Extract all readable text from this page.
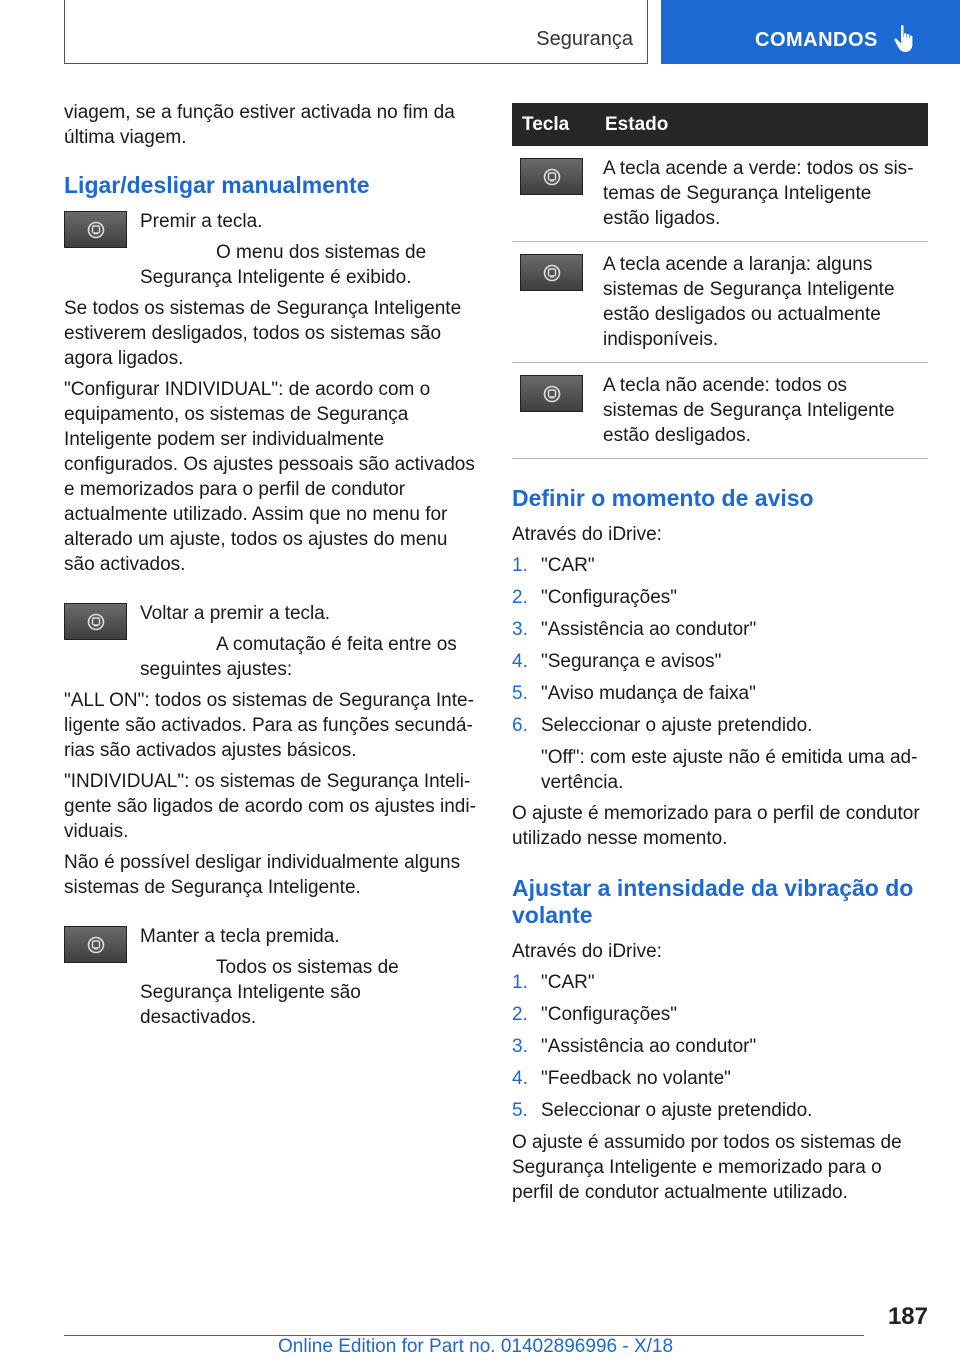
Segurança	COMANDOS

viagem, se a função estiver activada no fim da última viagem.

Ligar/desligar manualmente

Premir a tecla.

O menu dos sistemas de Segurança Inteligente é exibido.

Se todos os sistemas de Segurança Inteligente estiverem desligados, todos os sistemas são agora ligados.

"Configurar INDIVIDUAL": de acordo com o equipamento, os sistemas de Segurança Inteligente podem ser individualmente configurados. Os ajustes pessoais são activados e memorizados para o perfil de condutor actualmente utilizado. Assim que no menu for alterado um ajuste, todos os ajustes do menu são activados.

Voltar a premir a tecla.

A comutação é feita entre os seguintes ajustes:

"ALL ON": todos os sistemas de Segurança Inteligente são activados. Para as funções secundárias são activados ajustes básicos.

"INDIVIDUAL": os sistemas de Segurança Inteligente são ligados de acordo com os ajustes individuais.

Não é possível desligar individualmente alguns sistemas de Segurança Inteligente.

Manter a tecla premida.

Todos os sistemas de Segurança Inteligente são desactivados.

Tecla	Estado

	A tecla acende a verde: todos os sistemas de Segurança Inteligente estão ligados.

	A tecla acende a laranja: alguns sistemas de Segurança Inteligente estão desligados ou actualmente indisponíveis.

	A tecla não acende: todos os sistemas de Segurança Inteligente estão desligados.
Definir o momento de aviso

Através do iDrive:

1. "CAR"
2. "Configurações"
3. "Assistência ao condutor"
4. "Segurança e avisos"
5. "Aviso mudança de faixa"
6. Seleccionar o ajuste pretendido.

"Off": com este ajuste não é emitida uma advertência.

O ajuste é memorizado para o perfil de condutor utilizado nesse momento.

Ajustar a intensidade da vibração do volante

Através do iDrive:

1. "CAR"
2. "Configurações"
3. "Assistência ao condutor"
4. "Feedback no volante"
5. Seleccionar o ajuste pretendido.

O ajuste é assumido por todos os sistemas de Segurança Inteligente e memorizado para o perfil de condutor actualmente utilizado.

187
Online Edition for Part no. 01402896996 - X/18
